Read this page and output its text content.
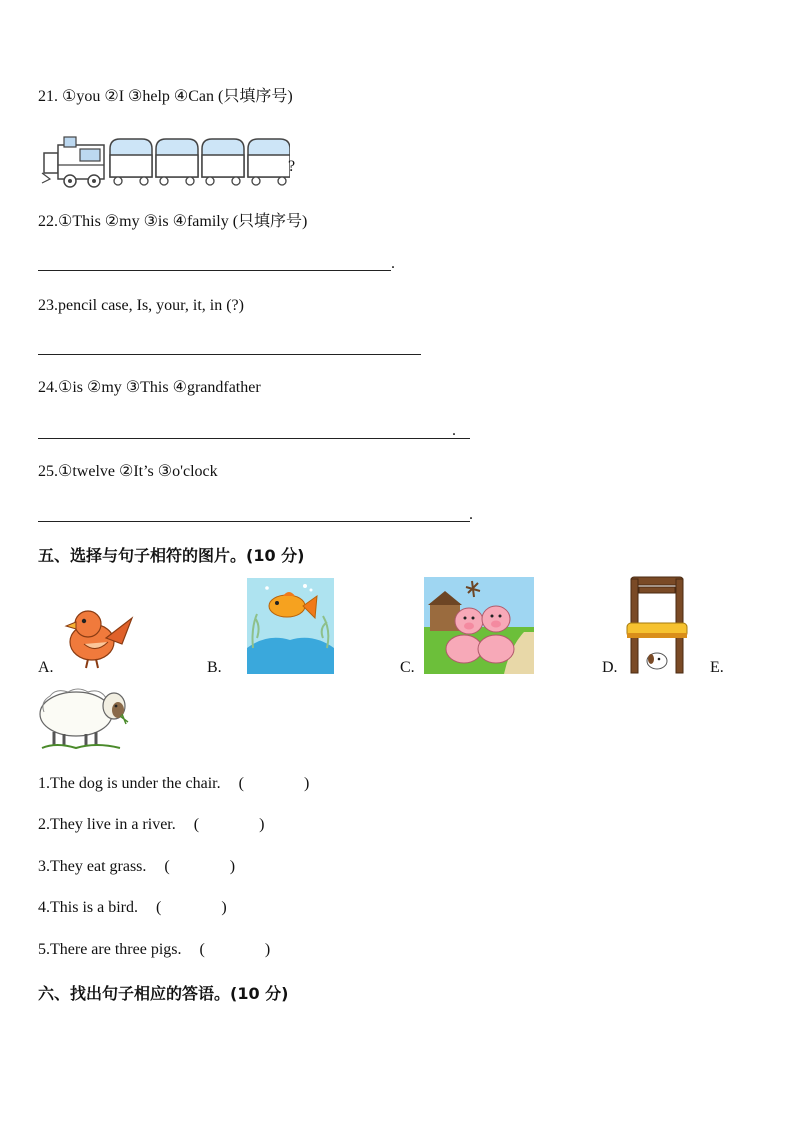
21. ①you ②I ③help ④Can (只填序号)
?
22.①This ②my ③is ④family (只填序号)
.
23.pencil case, Is, your, it, in (?)
24.①is ②my ③This ④grandfather
.
25.①twelve ②It’s ③o'clock
.
五、选择与句子相符的图片。(10 分)
A.	B.	C.	D.	E.
1.The dog is under the chair. (	)
2.They live in a river. (	)
3.They eat grass. (	)
4.This is a bird. (	)
5.There are three pigs. (	)
六、找出句子相应的答语。(10 分)
